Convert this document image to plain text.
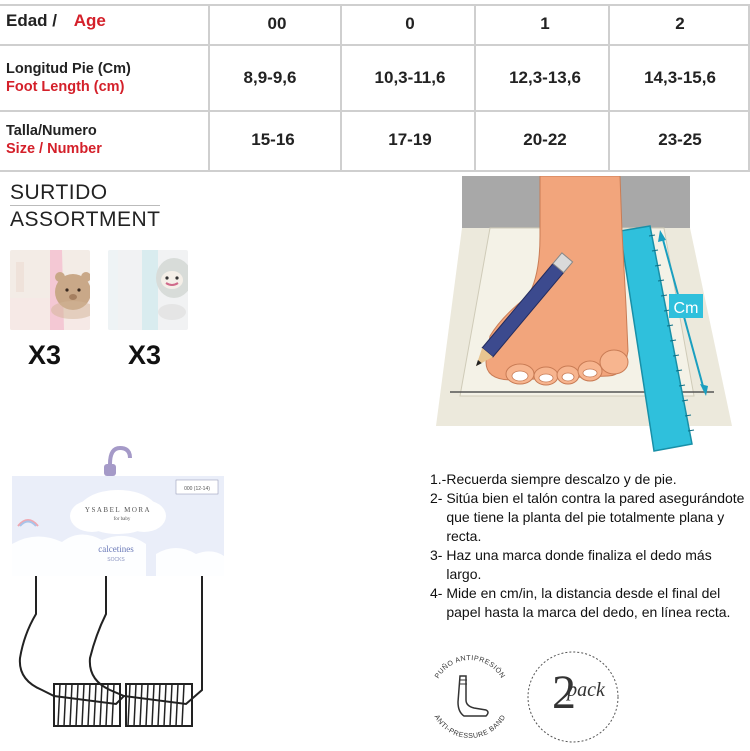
Edad / Age	00	0	1	2
Longitud Pie (Cm)
Foot Length (cm)	8,9-9,6	10,3-11,6	12,3-13,6	14,3-15,6
Talla/Numero
Size / Number	15-16	17-19	20-22	23-25
SURTIDO
ASSORTMENT
X3 X3
Cm
YSABEL MORA
for baby
calcetines
SOCKS
000 (12-14)
1.- Recuerda siempre descalzo y de pie.
2- Sitúa bien el talón contra la pared asegurándote que tiene la planta del pie totalmente plana y recta.
3- Haz una marca donde finaliza el dedo más largo.
4- Mide en cm/in, la distancia desde el final del papel hasta la marca del dedo, en línea recta.
PUÑO ANTIPRESIÓN
ANTI-PRESSURE BAND 2
pack
